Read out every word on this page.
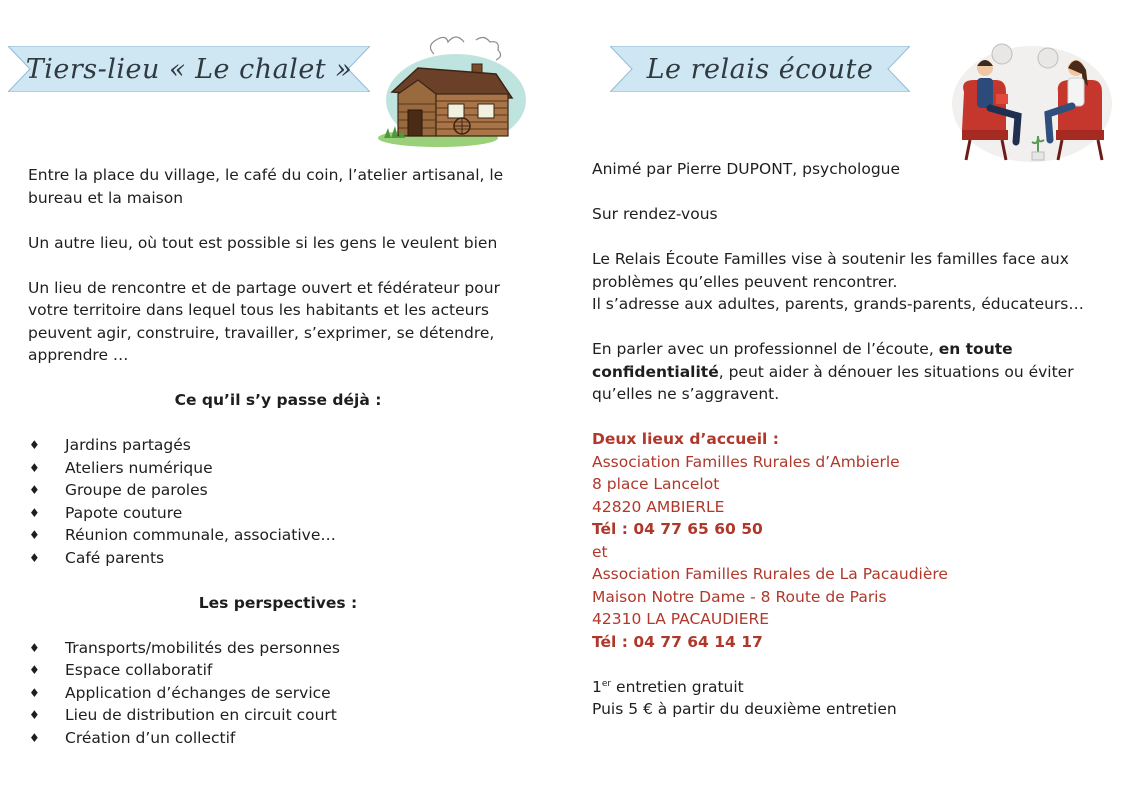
Tiers-lieu « Le chalet »	Le relais écoute

Entre la place du village, le café du coin, l’atelier artisanal, le bureau et la maison

Un autre lieu, où tout est possible si les gens le veulent bien

Un lieu de rencontre et de partage ouvert et fédérateur pour votre territoire dans lequel tous les habitants et les acteurs peuvent agir, construire, travailler, s’exprimer, se détendre, apprendre …

Ce qu’il s’y passe déjà :

♦ Jardins partagés
♦ Ateliers numérique
♦ Groupe de paroles
♦ Papote couture
♦ Réunion communale, associative…
♦ Café parents

Les perspectives :

♦ Transports/mobilités des personnes
♦ Espace collaboratif
♦ Application d’échanges de service
♦ Lieu de distribution en circuit court
♦ Création d’un collectif

Animé par Pierre DUPONT, psychologue

Sur rendez-vous

Le Relais Écoute Familles vise à soutenir les familles face aux problèmes qu’elles peuvent rencontrer.
Il s’adresse aux adultes, parents, grands-parents, éducateurs…

En parler avec un professionnel de l’écoute, en toute confidentialité, peut aider à dénouer les situations ou éviter qu’elles ne s’aggravent.

Deux lieux d’accueil :

Association Familles Rurales d’Ambierle

8 place Lancelot

42820 AMBIERLE

Tél : 04 77 65 60 50

et

Association Familles Rurales de La Pacaudière

Maison Notre Dame - 8 Route de Paris

42310 LA PACAUDIERE

Tél : 04 77 64 14 17

1er entretien gratuit

Puis 5 € à partir du deuxième entretien
